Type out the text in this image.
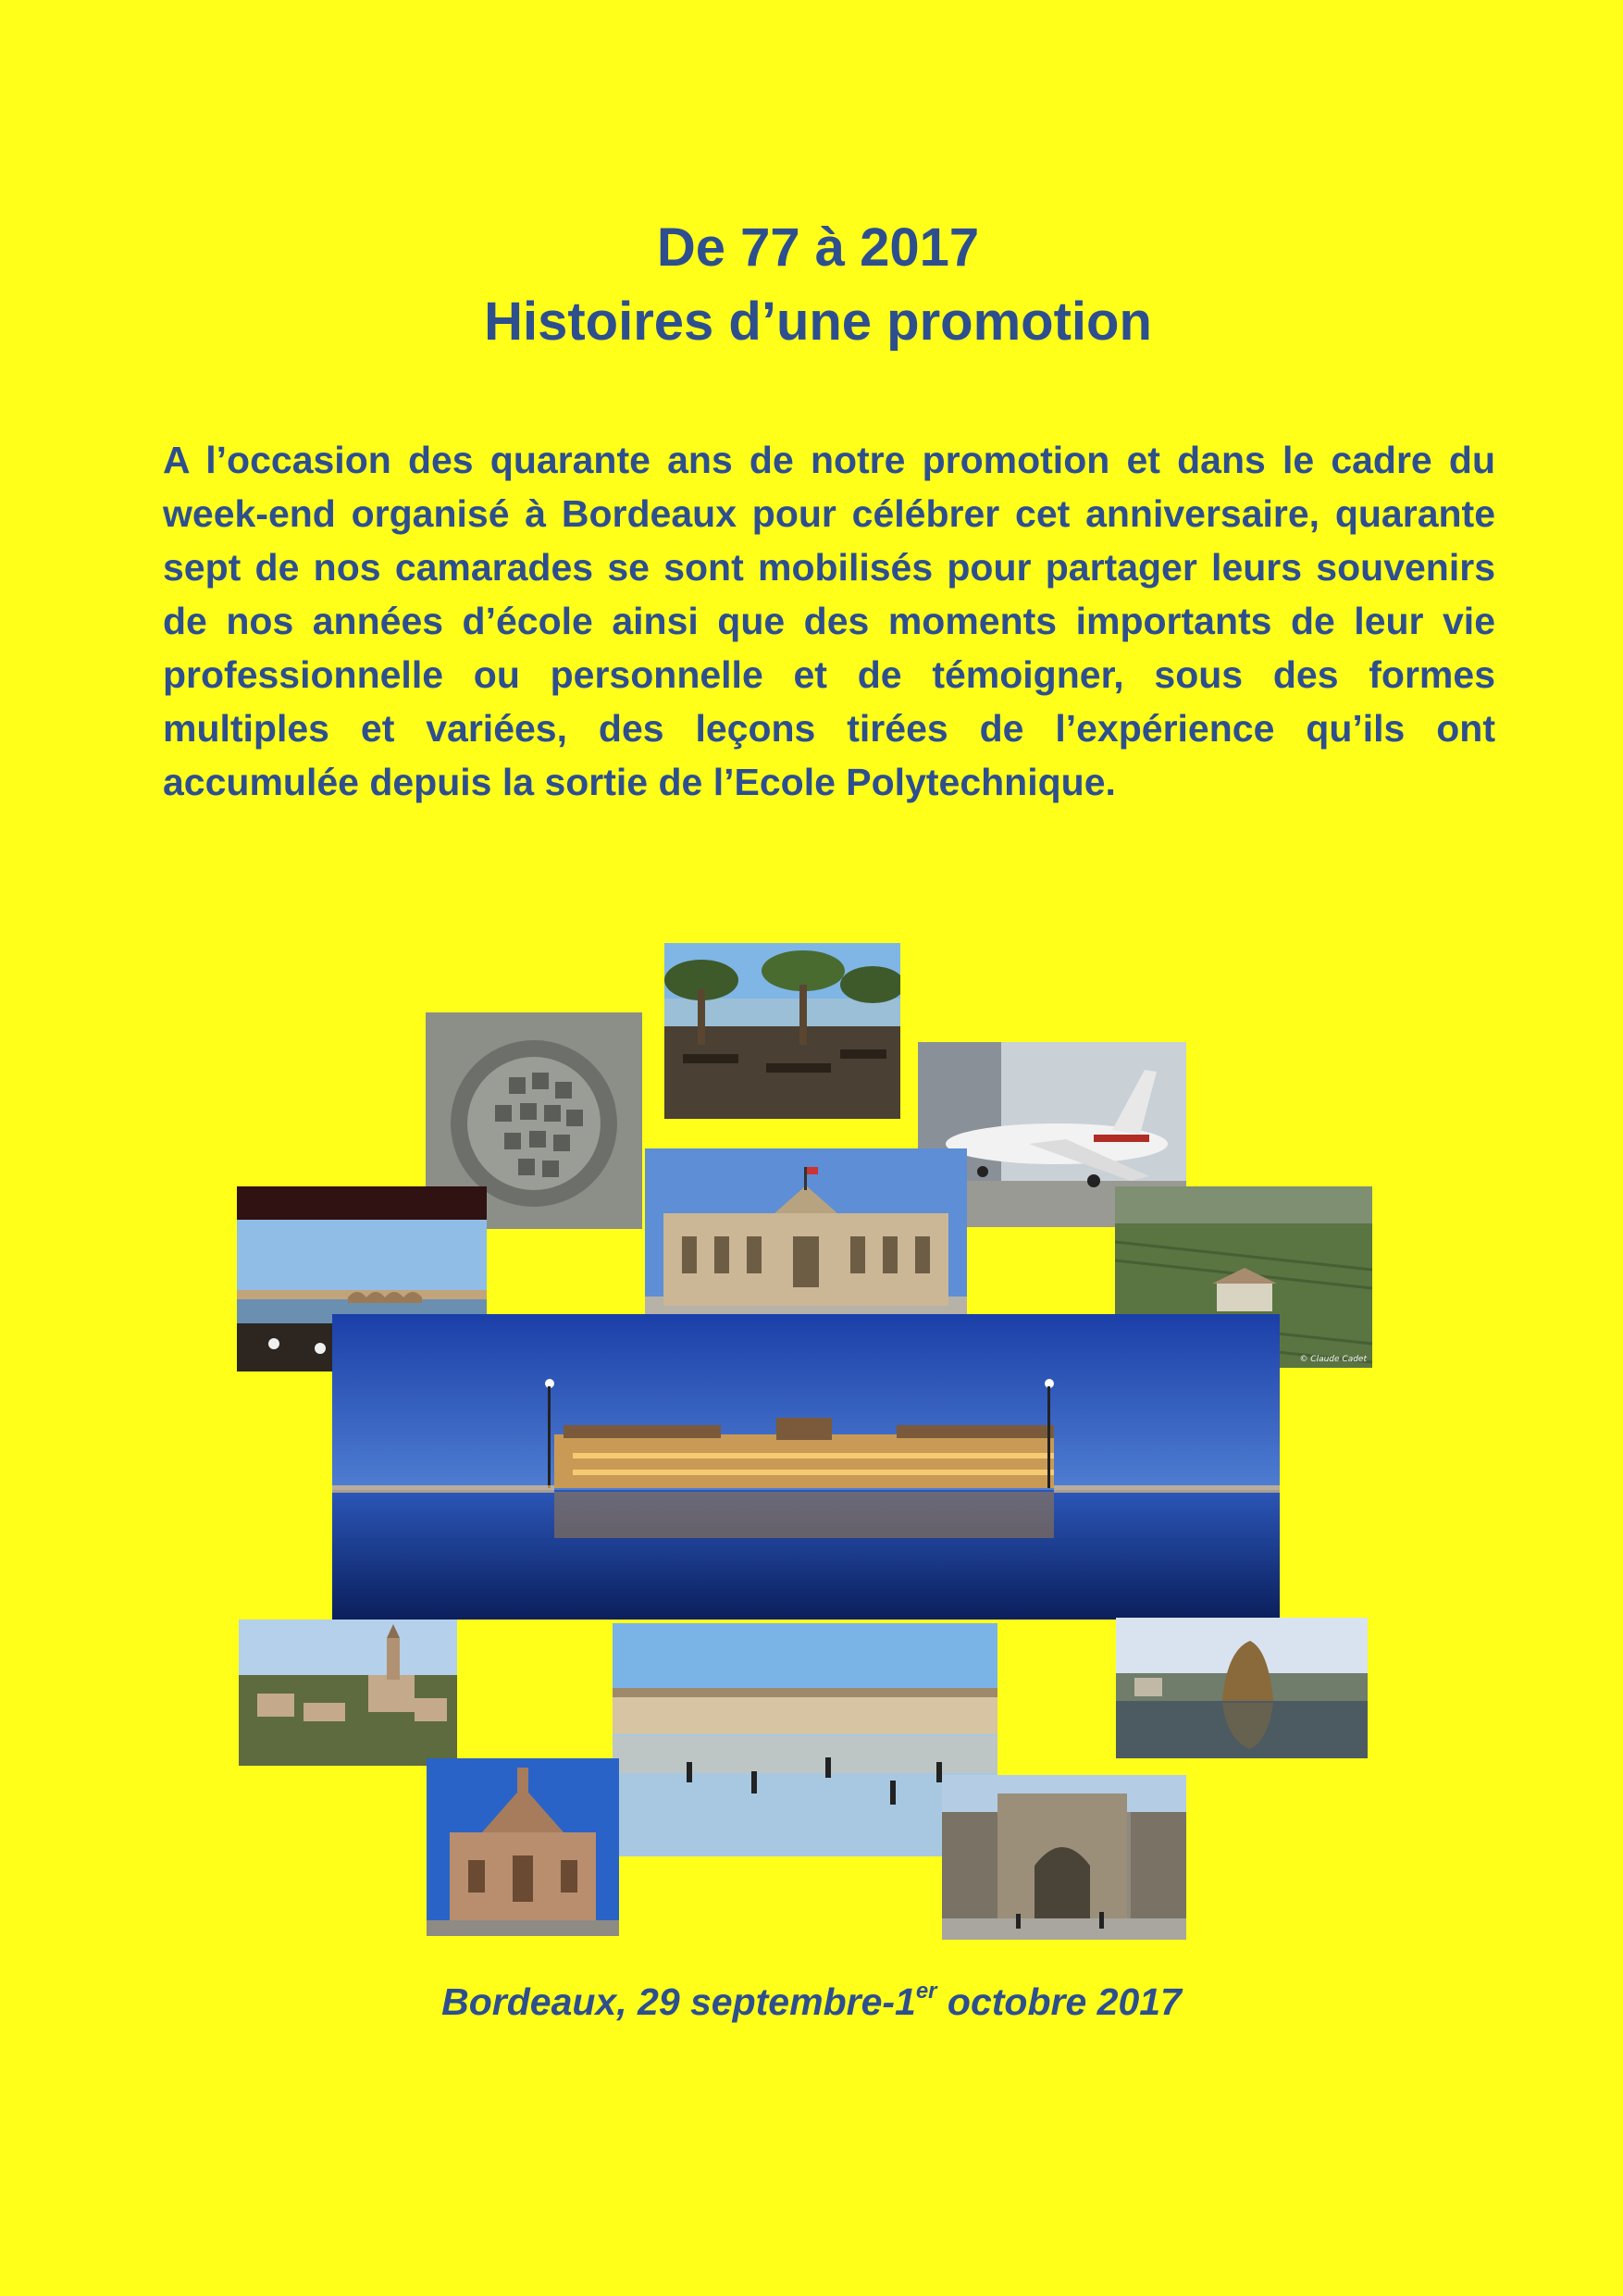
De 77 à 2017
Histoires d’une promotion
A l’occasion des quarante ans de notre promotion et dans le cadre du week-end organisé à Bordeaux pour célébrer cet anniversaire, quarante sept de nos camarades se sont mobilisés pour partager leurs souvenirs de nos années d’école ainsi que des moments importants de leur vie professionnelle ou personnelle et de témoigner, sous des formes multiples et variées, des leçons tirées de l’expérience qu’ils ont accumulée depuis la sortie de l’Ecole Polytechnique.
© Claude Cadet
Bordeaux, 29 septembre-1er octobre 2017
